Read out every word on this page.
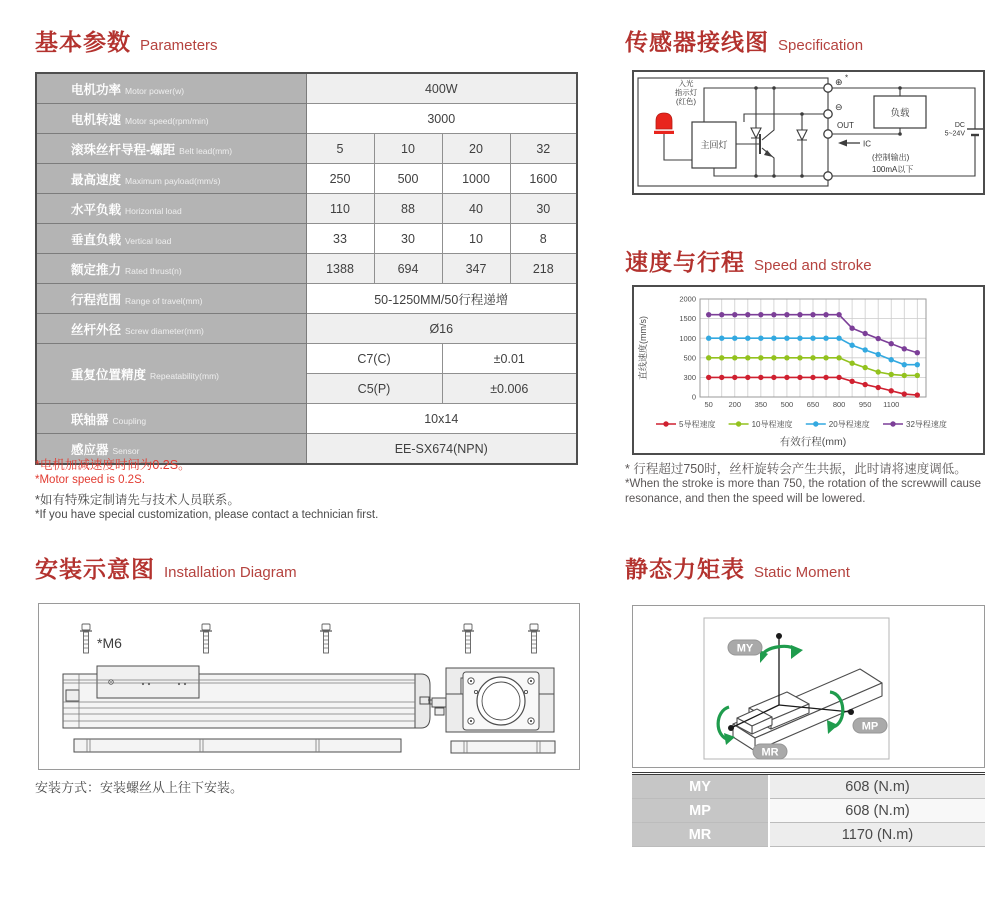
基本参数 Parameters
电机功率 Motor power(w)	400W			
电机转速 Motor speed(rpm/min)	3000			
滚珠丝杆导程-螺距 Belt lead(mm)	5	10	20	32
最高速度 Maximum payload(mm/s)	250	500	1000	1600
水平负载 Horizontal load	110	88	40	30
垂直负载 Vertical load	33	30	10	8
额定推力 Rated thrust(n)	1388	694	347	218
行程范围 Range of travel(mm)	50-1250MM/50行程递增			
丝杆外径 Screw diameter(mm)	Ø16			
重复位置精度 Repeatability(mm)	C7(C)		±0.01	
	C5(P)		±0.006	
联轴器 Coupling	10x14			
感应器 Sensor	EE-SX674(NPN)			
*电机加减速度时间为0.2S。
*Motor speed is 0.2S.
*如有特殊定制请先与技术人员联系。
*If you have special customization, please contact a technician first.
传感器接线图 Specification
入光
指示灯
(红色)
主回灯
负载
OUT
IC
⊕ *
⊖
DC
5~24V
(控制输出)
100mA以下
速度与行程 Speed and stroke
0
300
500
1000
1500
2000
50 200 350 500 650 800 950 1100
5导程速度	10导程速度	20导程速度	32导程速度
有效行程(mm)
直线速度(mm/s)
* 行程超过750时，丝杆旋转会产生共振，此时请将速度调低。
*When the stroke is more than 750, the rotation of the screwwill cause
resonance, and then the speed will be lowered.
安装示意图 Installation Diagram
*M6
安装方式：安装螺丝从上往下安装。
静态力矩表 Static Moment
MY
MP
MR
MY	608 (N.m)
MP	608 (N.m)
MR	1170 (N.m)
